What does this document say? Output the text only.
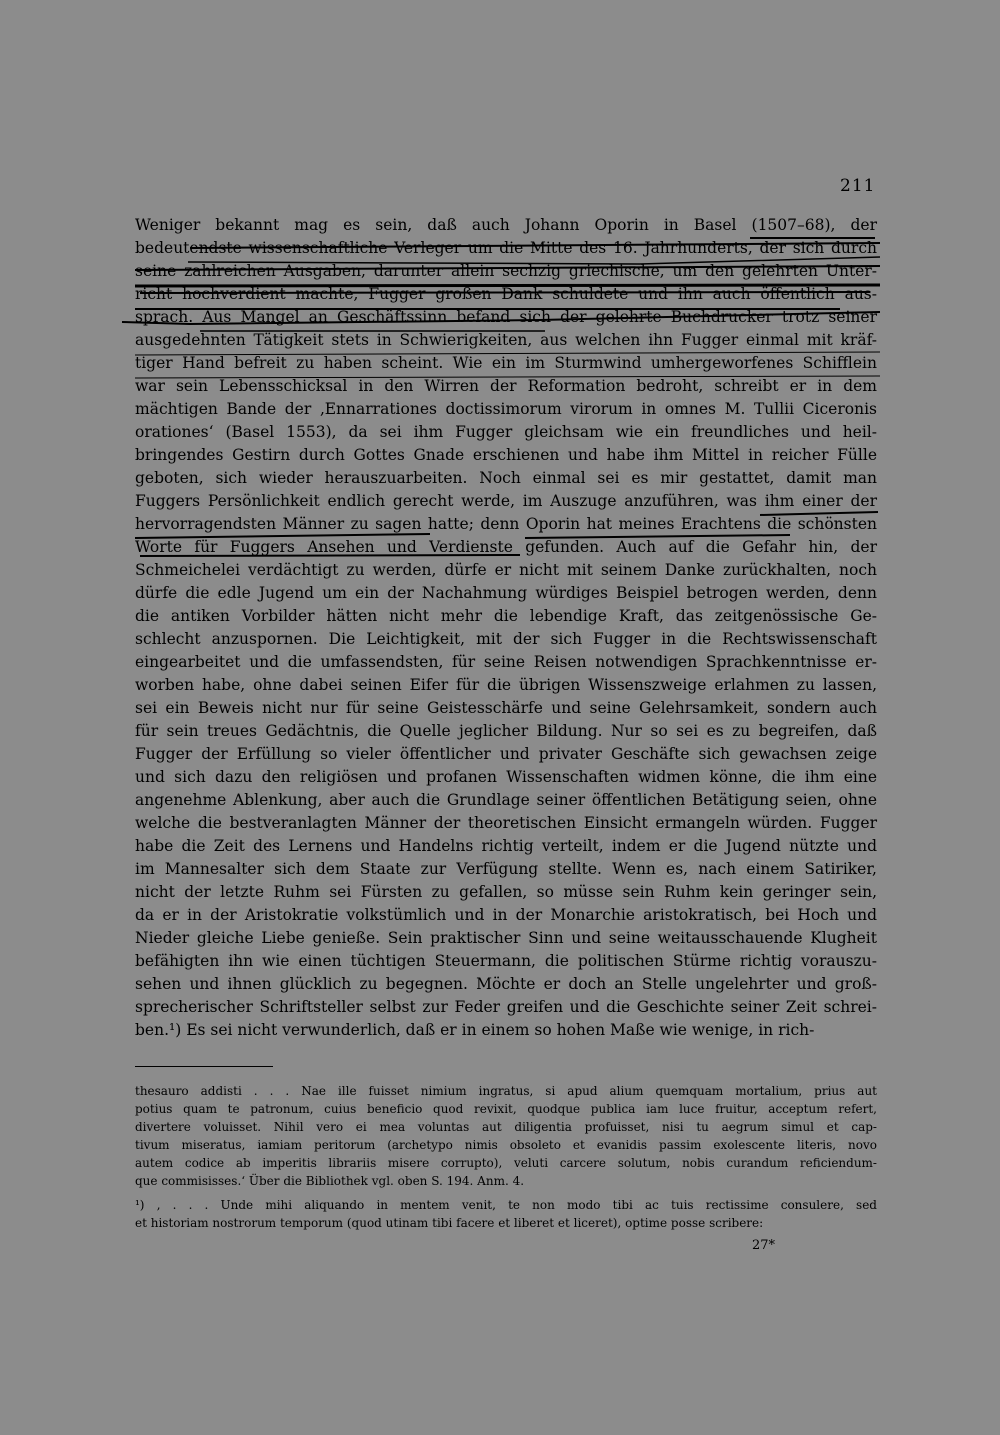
211
Weniger bekannt mag es sein, daß auch Johann Oporin in Basel (1507–68), der
bedeutendste wissenschaftliche Verleger um die Mitte des 16. Jahrhunderts, der sich durch
seine zahlreichen Ausgaben, darunter allein sechzig griechische, um den gelehrten Unter-
richt hochverdient machte, Fugger großen Dank schuldete und ihn auch öffentlich aus-
sprach. Aus Mangel an Geschäftssinn befand sich der gelehrte Buchdrucker trotz seiner
ausgedehnten Tätigkeit stets in Schwierigkeiten, aus welchen ihn Fugger einmal mit kräf-
tiger Hand befreit zu haben scheint. Wie ein im Sturmwind umhergeworfenes Schifflein
war sein Lebensschicksal in den Wirren der Reformation bedroht, schreibt er in dem
mächtigen Bande der ‚Ennarrationes doctissimorum virorum in omnes M. Tullii Ciceronis
orationes‘ (Basel 1553), da sei ihm Fugger gleichsam wie ein freundliches und heil-
bringendes Gestirn durch Gottes Gnade erschienen und habe ihm Mittel in reicher Fülle
geboten, sich wieder herauszuarbeiten. Noch einmal sei es mir gestattet, damit man
Fuggers Persönlichkeit endlich gerecht werde, im Auszuge anzuführen, was ihm einer der
hervorragendsten Männer zu sagen hatte; denn Oporin hat meines Erachtens die schönsten
Worte für Fuggers Ansehen und Verdienste gefunden. Auch auf die Gefahr hin, der
Schmeichelei verdächtigt zu werden, dürfe er nicht mit seinem Danke zurückhalten, noch
dürfe die edle Jugend um ein der Nachahmung würdiges Beispiel betrogen werden, denn
die antiken Vorbilder hätten nicht mehr die lebendige Kraft, das zeitgenössische Ge-
schlecht anzuspornen. Die Leichtigkeit, mit der sich Fugger in die Rechtswissenschaft
eingearbeitet und die umfassendsten, für seine Reisen notwendigen Sprachkenntnisse er-
worben habe, ohne dabei seinen Eifer für die übrigen Wissenszweige erlahmen zu lassen,
sei ein Beweis nicht nur für seine Geistesschärfe und seine Gelehrsamkeit, sondern auch
für sein treues Gedächtnis, die Quelle jeglicher Bildung. Nur so sei es zu begreifen, daß
Fugger der Erfüllung so vieler öffentlicher und privater Geschäfte sich gewachsen zeige
und sich dazu den religiösen und profanen Wissenschaften widmen könne, die ihm eine
angenehme Ablenkung, aber auch die Grundlage seiner öffentlichen Betätigung seien, ohne
welche die bestveranlagten Männer der theoretischen Einsicht ermangeln würden. Fugger
habe die Zeit des Lernens und Handelns richtig verteilt, indem er die Jugend nützte und
im Mannesalter sich dem Staate zur Verfügung stellte. Wenn es, nach einem Satiriker,
nicht der letzte Ruhm sei Fürsten zu gefallen, so müsse sein Ruhm kein geringer sein,
da er in der Aristokratie volkstümlich und in der Monarchie aristokratisch, bei Hoch und
Nieder gleiche Liebe genieße. Sein praktischer Sinn und seine weitausschauende Klugheit
befähigten ihn wie einen tüchtigen Steuermann, die politischen Stürme richtig vorauszu-
sehen und ihnen glücklich zu begegnen. Möchte er doch an Stelle ungelehrter und groß-
sprecherischer Schriftsteller selbst zur Feder greifen und die Geschichte seiner Zeit schrei-
ben.¹) Es sei nicht verwunderlich, daß er in einem so hohen Maße wie wenige, in rich-
thesauro addisti . . . Nae ille fuisset nimium ingratus, si apud alium quemquam mortalium, prius aut
potius quam te patronum, cuius beneficio quod revixit, quodque publica iam luce fruitur, acceptum refert,
divertere voluisset. Nihil vero ei mea voluntas aut diligentia profuisset, nisi tu aegrum simul et cap-
tivum miseratus, iamiam peritorum (archetypo nimis obsoleto et evanidis passim exolescente literis, novo
autem codice ab imperitis librariis misere corrupto), veluti carcere solutum, nobis curandum reficiendum-
que commisisses.‘ Über die Bibliothek vgl. oben S. 194. Anm. 4.
¹) ‚ . . . Unde mihi aliquando in mentem venit, te non modo tibi ac tuis rectissime consulere, sed
et historiam nostrorum temporum (quod utinam tibi facere et liberet et liceret), optime posse scribere:
27*
